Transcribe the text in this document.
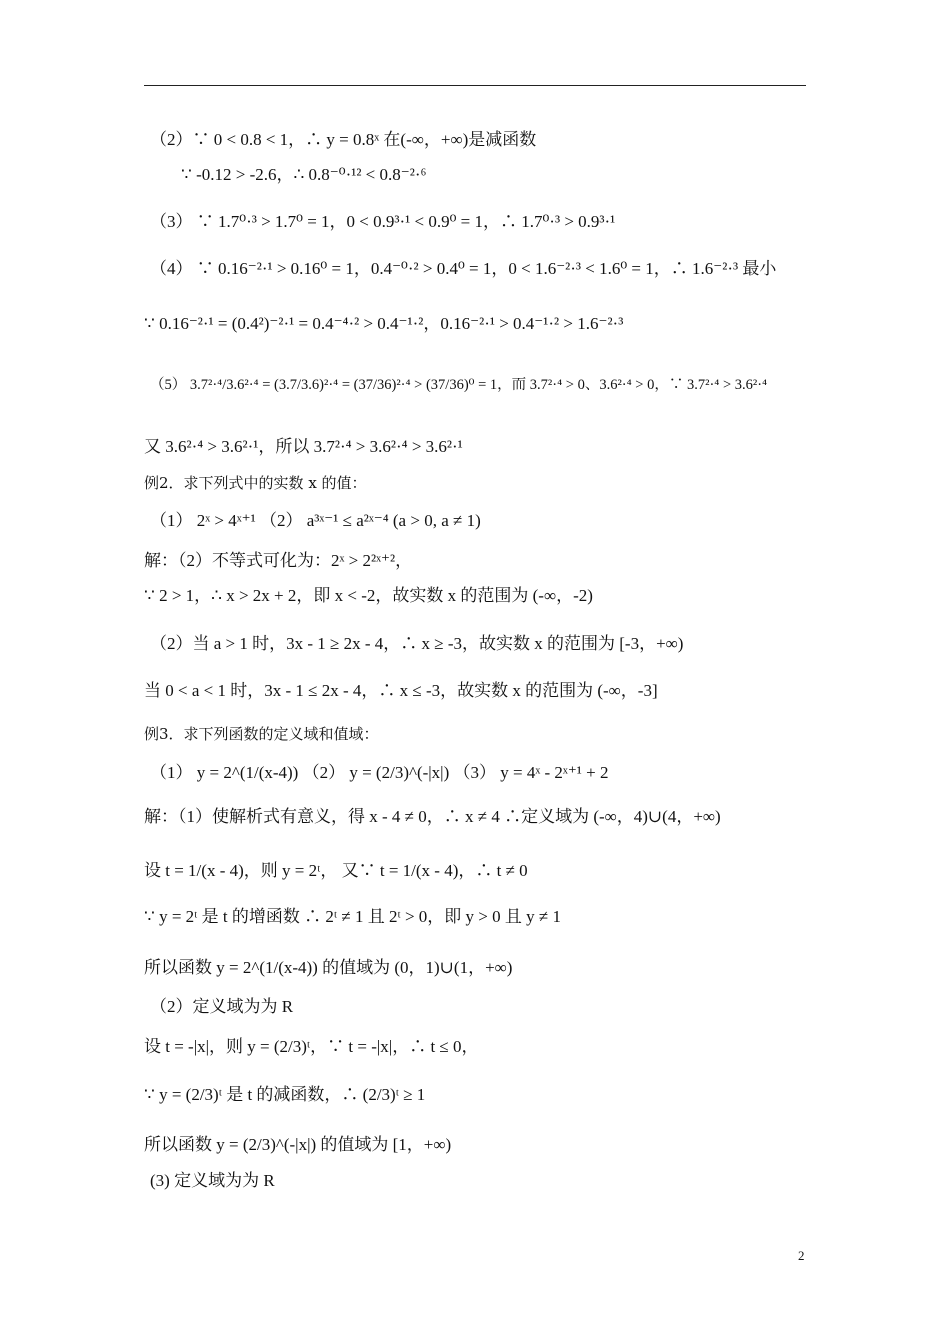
（2）∵ 0 < 0.8 < 1，∴ y = 0.8ˣ 在(-∞，+∞)是减函数
∵ -0.12 > -2.6，∴ 0.8⁻⁰·¹² < 0.8⁻²·⁶
（3） ∵ 1.7⁰·³ > 1.7⁰ = 1，0 < 0.9³·¹ < 0.9⁰ = 1，∴ 1.7⁰·³ > 0.9³·¹
（4） ∵ 0.16⁻²·¹ > 0.16⁰ = 1，0.4⁻⁰·² > 0.4⁰ = 1，0 < 1.6⁻²·³ < 1.6⁰ = 1，∴ 1.6⁻²·³ 最小
∵ 0.16⁻²·¹ = (0.4²)⁻²·¹ = 0.4⁻⁴·² > 0.4⁻¹·²，0.16⁻²·¹ > 0.4⁻¹·² > 1.6⁻²·³
（5） 3.7²·⁴/3.6²·⁴ = (3.7/3.6)²·⁴ = (37/36)²·⁴ > (37/36)⁰ = 1，而 3.7²·⁴ > 0、3.6²·⁴ > 0，∵ 3.7²·⁴ > 3.6²·⁴
又 3.6²·⁴ > 3.6²·¹，所以 3.7²·⁴ > 3.6²·⁴ > 3.6²·¹
例2．求下列式中的实数 x 的值：
（1） 2ˣ > 4ˣ⁺¹ （2） a³ˣ⁻¹ ≤ a²ˣ⁻⁴ (a > 0, a ≠ 1)
解：（2）不等式可化为：2ˣ > 2²ˣ⁺²，
∵ 2 > 1，∴ x > 2x + 2，即 x < -2，故实数 x 的范围为 (-∞，-2)
（2）当 a > 1 时，3x - 1 ≥ 2x - 4，∴ x ≥ -3，故实数 x 的范围为 [-3，+∞)
当 0 < a < 1 时，3x - 1 ≤ 2x - 4，∴ x ≤ -3，故实数 x 的范围为 (-∞，-3]
例3．求下列函数的定义域和值域：
（1） y = 2^(1/(x-4)) （2） y = (2/3)^(-|x|) （3） y = 4ˣ - 2ˣ⁺¹ + 2
解：（1）使解析式有意义，得 x - 4 ≠ 0，∴ x ≠ 4 ∴定义域为 (-∞，4)∪(4，+∞)
设 t = 1/(x - 4)，则 y = 2ᵗ， 又∵ t = 1/(x - 4)，∴ t ≠ 0
∵ y = 2ᵗ 是 t 的增函数 ∴ 2ᵗ ≠ 1 且 2ᵗ > 0，即 y > 0 且 y ≠ 1
所以函数 y = 2^(1/(x-4)) 的值域为 (0，1)∪(1，+∞)
（2）定义域为为 R
设 t = -|x|，则 y = (2/3)ᵗ，∵ t = -|x|，∴ t ≤ 0，
∵ y = (2/3)ᵗ 是 t 的减函数，∴ (2/3)ᵗ ≥ 1
所以函数 y = (2/3)^(-|x|) 的值域为 [1，+∞)
(3) 定义域为为 R
2
